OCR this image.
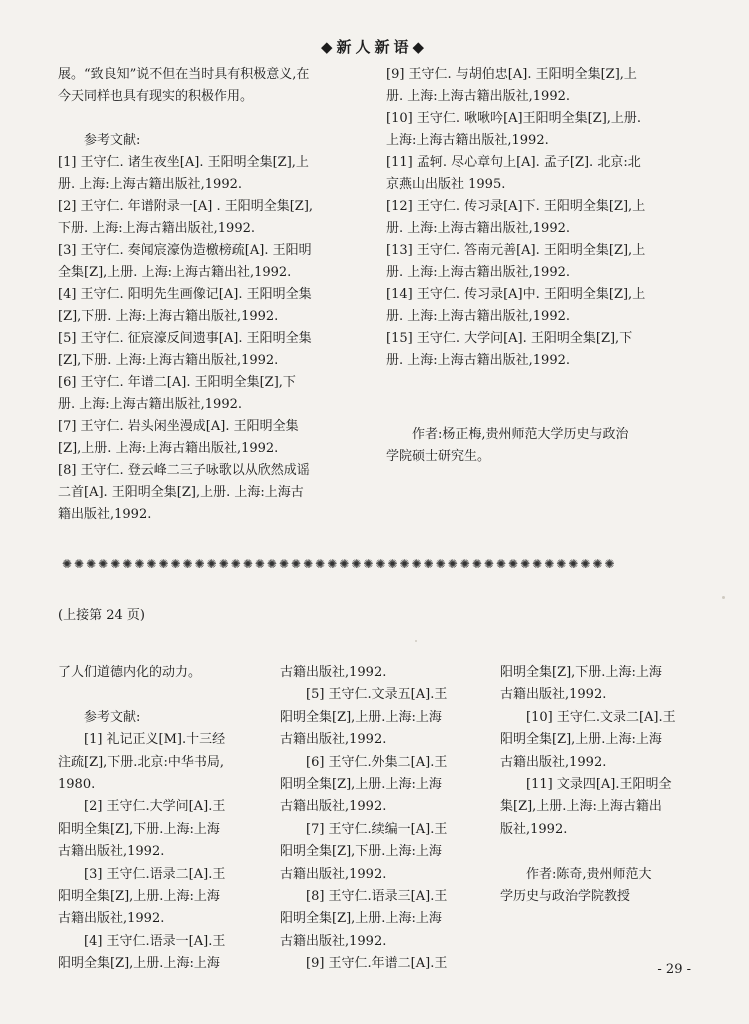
◆新人新语◆

展。“致良知”说不但在当时具有积极意义,在

今天同样也具有现实的积极作用。

参考文献:

[1] 王守仁. 诸生夜坐[A]. 王阳明全集[Z],上

册. 上海:上海古籍出版社,1992.

[2] 王守仁. 年谱附录一[A] . 王阳明全集[Z],

下册. 上海:上海古籍出版社,1992.

[3] 王守仁. 奏闻宸濠伪造檄榜疏[A]. 王阳明

全集[Z],上册. 上海:上海古籍出社,1992.

[4] 王守仁. 阳明先生画像记[A]. 王阳明全集

[Z],下册. 上海:上海古籍出版社,1992.

[5] 王守仁. 征宸濠反间遗事[A]. 王阳明全集

[Z],下册. 上海:上海古籍出版社,1992.

[6] 王守仁. 年谱二[A]. 王阳明全集[Z],下

册. 上海:上海古籍出版社,1992.

[7] 王守仁. 岩头闲坐漫成[A]. 王阳明全集

[Z],上册. 上海:上海古籍出版社,1992.

[8] 王守仁. 登云峰二三子咏歌以从欣然成谣

二首[A]. 王阳明全集[Z],上册. 上海:上海古

籍出版社,1992.

[9] 王守仁. 与胡伯忠[A]. 王阳明全集[Z],上

册. 上海:上海古籍出版社,1992.

[10] 王守仁. 啾啾吟[A]王阳明全集[Z],上册.

上海:上海古籍出版社,1992.

[11] 孟轲. 尽心章句上[A]. 孟子[Z]. 北京:北

京燕山出版社 1995.

[12] 王守仁. 传习录[A]下. 王阳明全集[Z],上

册. 上海:上海古籍出版社,1992.

[13] 王守仁. 答南元善[A]. 王阳明全集[Z],上

册. 上海:上海古籍出版社,1992.

[14] 王守仁. 传习录[A]中. 王阳明全集[Z],上

册. 上海:上海古籍出版社,1992.

[15] 王守仁. 大学问[A]. 王阳明全集[Z],下

册. 上海:上海古籍出版社,1992.

作者:杨正梅,贵州师范大学历史与政治

学院硕士研究生。

✺✺✺✺✺✺✺✺✺✺✺✺✺✺✺✺✺✺✺✺✺✺✺✺✺✺✺✺✺✺✺✺✺✺✺✺✺✺✺✺✺✺✺✺✺✺
(上接第 24 页)

了人们道德内化的动力。

参考文献:

[1] 礼记正义[M].十三经

注疏[Z],下册.北京:中华书局,

1980.

[2] 王守仁.大学问[A].王

阳明全集[Z],下册.上海:上海

古籍出版社,1992.

[3] 王守仁.语录二[A].王

阳明全集[Z],上册.上海:上海

古籍出版社,1992.

[4] 王守仁.语录一[A].王

阳明全集[Z],上册.上海:上海

古籍出版社,1992.

[5] 王守仁.文录五[A].王

阳明全集[Z],上册.上海:上海

古籍出版社,1992.

[6] 王守仁.外集二[A].王

阳明全集[Z],上册.上海:上海

古籍出版社,1992.

[7] 王守仁.续编一[A].王

阳明全集[Z],下册.上海:上海

古籍出版社,1992.

[8] 王守仁.语录三[A].王

阳明全集[Z],上册.上海:上海

古籍出版社,1992.

[9] 王守仁.年谱二[A].王

阳明全集[Z],下册.上海:上海

古籍出版社,1992.

[10] 王守仁.文录二[A].王

阳明全集[Z],上册.上海:上海

古籍出版社,1992.

[11] 文录四[A].王阳明全

集[Z],上册.上海:上海古籍出

版社,1992.

作者:陈奇,贵州师范大

学历史与政治学院教授

- 29 -
